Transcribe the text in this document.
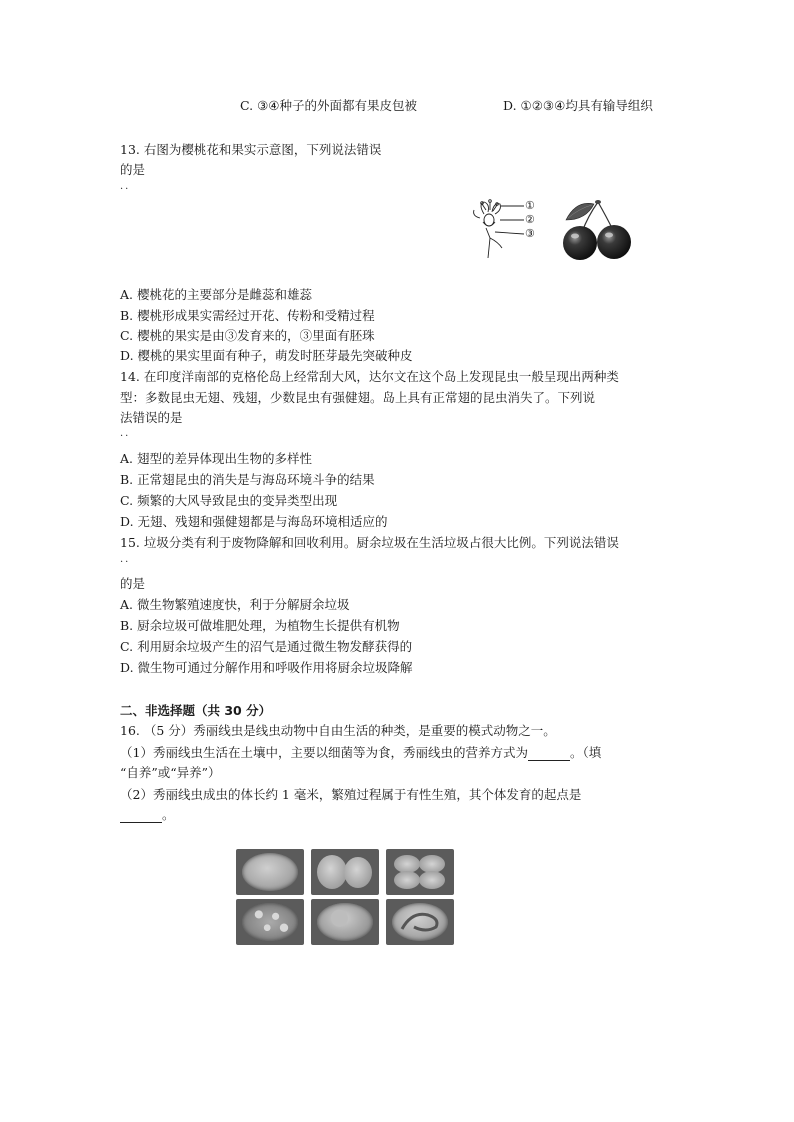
C. ③④种子的外面都有果皮包被	D. ①②③④均具有输导组织
13. 右图为樱桃花和果实示意图，下列说法错误
的是
··
①
②
③
A. 樱桃花的主要部分是雌蕊和雄蕊
B. 樱桃形成果实需经过开花、传粉和受精过程
C. 樱桃的果实是由③发育来的，③里面有胚珠
D. 樱桃的果实里面有种子，萌发时胚芽最先突破种皮
14. 在印度洋南部的克格伦岛上经常刮大风，达尔文在这个岛上发现昆虫一般呈现出两种类
型：多数昆虫无翅、残翅，少数昆虫有强健翅。岛上具有正常翅的昆虫消失了。下列说
法错误的是
··
A. 翅型的差异体现出生物的多样性
B. 正常翅昆虫的消失是与海岛环境斗争的结果
C. 频繁的大风导致昆虫的变异类型出现
D. 无翅、残翅和强健翅都是与海岛环境相适应的
15. 垃圾分类有利于废物降解和回收利用。厨余垃圾在生活垃圾占很大比例。下列说法错误
··
的是
A. 微生物繁殖速度快，利于分解厨余垃圾
B. 厨余垃圾可做堆肥处理，为植物生长提供有机物
C. 利用厨余垃圾产生的沼气是通过微生物发酵获得的
D. 微生物可通过分解作用和呼吸作用将厨余垃圾降解
二、非选择题（共 30 分）
16. （5 分）秀丽线虫是线虫动物中自由生活的种类，是重要的模式动物之一。
（1）秀丽线虫生活在土壤中，主要以细菌等为食，秀丽线虫的营养方式为	。（填
“自养”或“异养”）
（2）秀丽线虫成虫的体长约 1 毫米，繁殖过程属于有性生殖，其个体发育的起点是
。
